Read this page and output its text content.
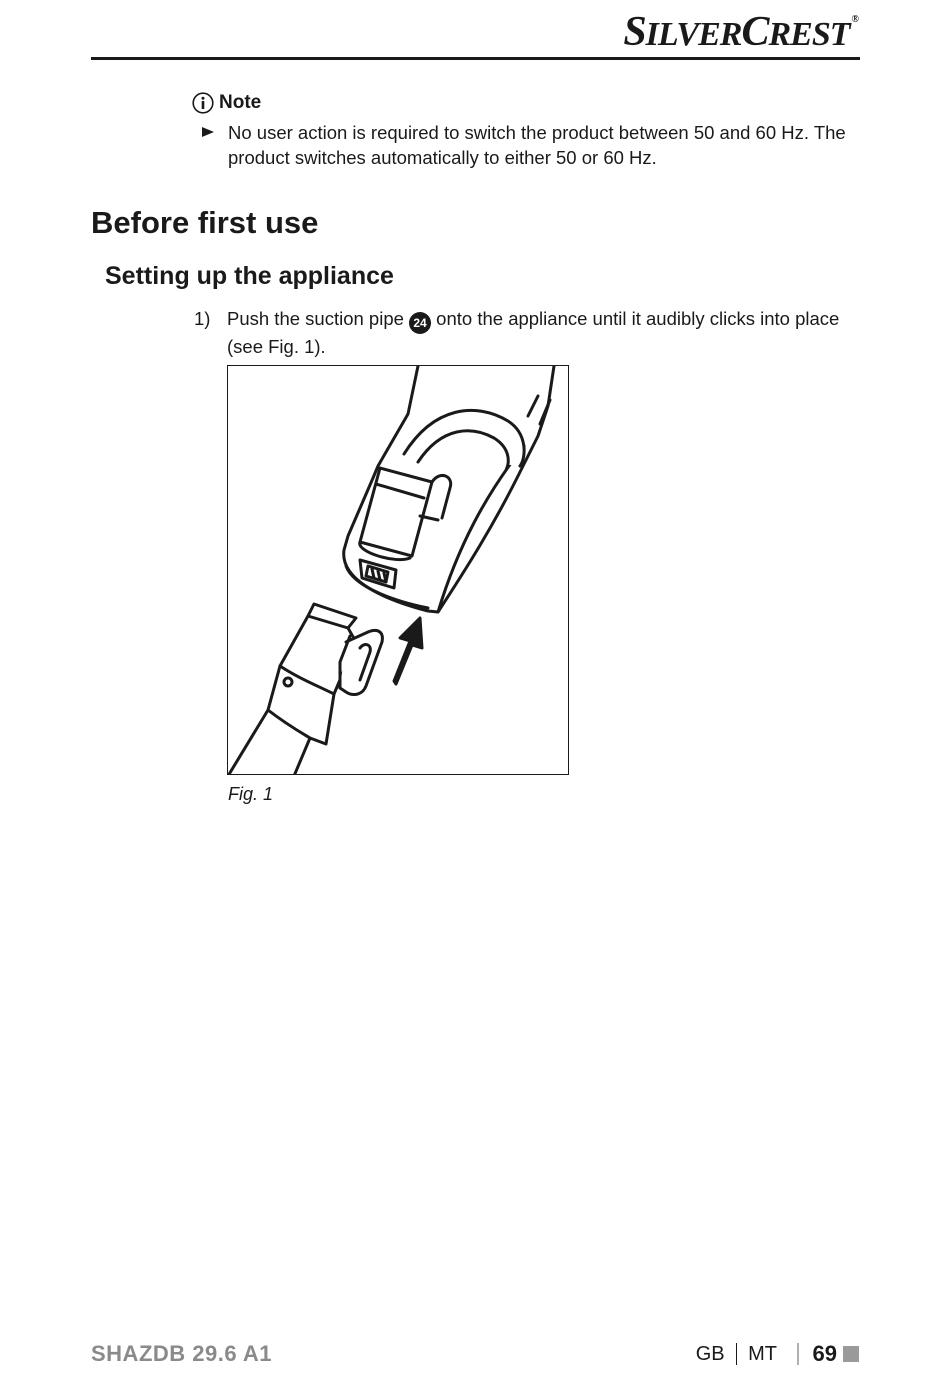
SILVERCREST ®
Note
No user action is required to switch the product between 50 and 60 Hz. The product switches automatically to either 50 or 60 Hz.
Before first use
Setting up the appliance
1) Push the suction pipe 24 onto the appliance until it audibly clicks into place (see Fig. 1).
Fig. 1
SHAZDB 29.6 A1	GB MT 69
